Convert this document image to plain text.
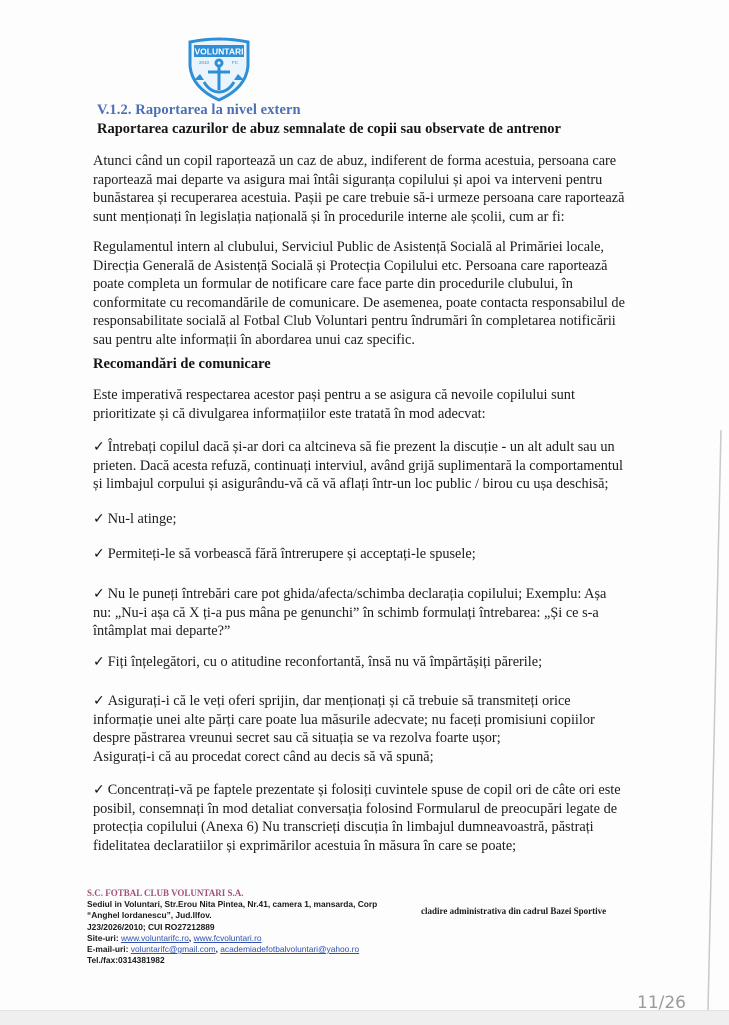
VOLUNTARI
2010	FC
V.1.2. Raportarea la nivel extern
Raportarea cazurilor de abuz semnalate de copii sau observate de antrenor
Atunci când un copil raportează un caz de abuz, indiferent de forma acestuia, persoana care
raportează mai departe va asigura mai întâi siguranța copilului și apoi va interveni pentru
bunăstarea și recuperarea acestuia. Pașii pe care trebuie să-i urmeze persoana care raportează
sunt menționați în legislația națională și în procedurile interne ale școlii, cum ar fi:
Regulamentul intern al clubului, Serviciul Public de Asistență Socială al Primăriei locale,
Direcția Generală de Asistență Socială și Protecția Copilului etc. Persoana care raportează
poate completa un formular de notificare care face parte din procedurile clubului, în
conformitate cu recomandările de comunicare. De asemenea, poate contacta responsabilul de
responsabilitate socială al Fotbal Club Voluntari pentru îndrumări în completarea notificării
sau pentru alte informații în abordarea unui caz specific.
Recomandări de comunicare
Este imperativă respectarea acestor pași pentru a se asigura că nevoile copilului sunt
prioritizate și că divulgarea informațiilor este tratată în mod adecvat:
✓ Întrebați copilul dacă și-ar dori ca altcineva să fie prezent la discuție - un alt adult sau un
prieten. Dacă acesta refuză, continuați interviul, având grijă suplimentară la comportamentul
și limbajul corpului și asigurându-vă că vă aflați într-un loc public / birou cu ușa deschisă;
✓ Nu-l atinge;
✓ Permiteți-le să vorbească fără întrerupere și acceptați-le spusele;
✓ Nu le puneți întrebări care pot ghida/afecta/schimba declarația copilului; Exemplu: Așa
nu: „Nu-i așa că X ți-a pus mâna pe genunchi” în schimb formulați întrebarea: „Și ce s-a
întâmplat mai departe?”
✓ Fiți înțelegători, cu o atitudine reconfortantă, însă nu vă împărtășiți părerile;
✓ Asigurați-i că le veți oferi sprijin, dar menționați și că trebuie să transmiteți orice
informație unei alte părți care poate lua măsurile adecvate; nu faceți promisiuni copiilor
despre păstrarea vreunui secret sau că situația se va rezolva foarte ușor;
Asigurați-i că au procedat corect când au decis să vă spună;
✓ Concentrați-vă pe faptele prezentate și folosiți cuvintele spuse de copil ori de câte ori este
posibil, consemnați în mod detaliat conversația folosind Formularul de preocupări legate de
protecția copilului (Anexa 6) Nu transcrieți discuția în limbajul dumneavoastră, păstrați
fidelitatea declaratiilor și exprimărilor acestuia în măsura în care se poate;
S.C. FOTBAL CLUB VOLUNTARI S.A.
Sediul in Voluntari, Str.Erou Nita Pintea, Nr.41, camera 1, mansarda, Corp
“Anghel Iordanescu”, Jud.Ilfov.
J23/2026/2010; CUI RO27212889
Site-uri: www.voluntarifc.ro, www.fcvoluntari.ro
E-mail-uri: voluntarifc@gmail.com, academiadefotbalvoluntari@yahoo.ro
Tel./fax:0314381982
cladire administrativa din cadrul Bazei Sportive
11/26
